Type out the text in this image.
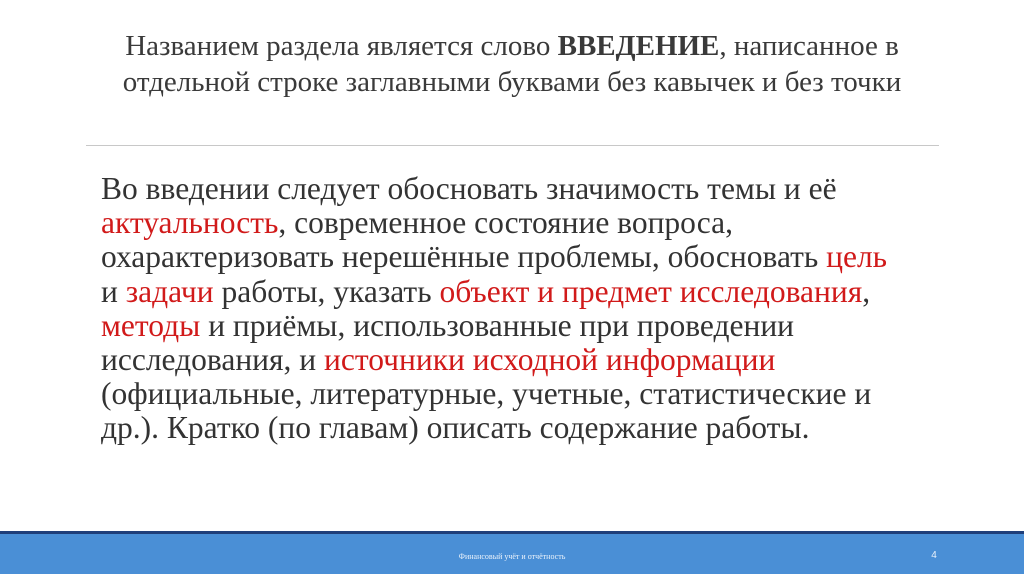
Названием раздела является слово ВВЕДЕНИЕ, написанное в отдельной строке заглавными буквами без кавычек и без точки

Во введении следует обосновать значимость темы и её актуальность, современное состояние вопроса, охарактеризовать нерешённые проблемы, обосновать цель и задачи работы, указать объект и предмет исследования, методы и приёмы, использованные при проведении исследования, и источники исходной информации (официальные, литературные, учетные, статистические и др.). Кратко (по главам) описать содержание работы.

Финансовый учёт и отчётность	4
